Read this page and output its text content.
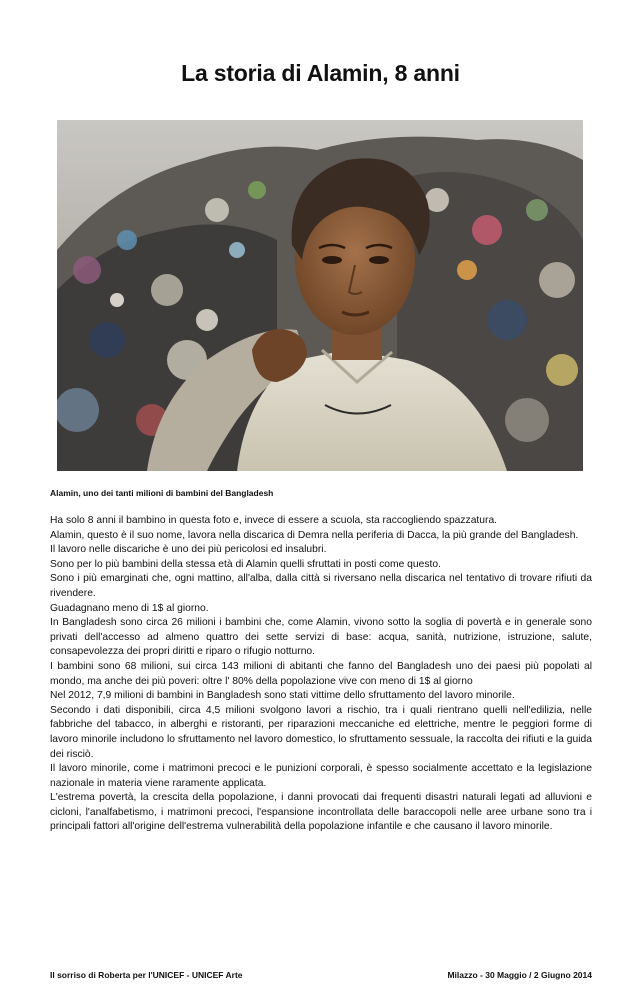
La storia di Alamin, 8 anni
Alamin, uno dei tanti milioni di bambini del Bangladesh

Ha solo 8 anni il bambino in questa foto e, invece di essere a scuola, sta raccogliendo spazzatura.

Alamin, questo è il suo nome, lavora nella discarica di Demra nella periferia di Dacca, la più grande del Bangladesh.

Il lavoro nelle discariche è uno dei più pericolosi ed insalubri.

Sono per lo più bambini della stessa età di Alamin quelli sfruttati in posti come questo.

Sono i più emarginati che, ogni mattino, all'alba, dalla città si riversano nella discarica nel tentativo di trovare rifiuti da rivendere.

Guadagnano meno di 1$ al giorno.

In Bangladesh sono circa 26 milioni i bambini che, come Alamin, vivono sotto la soglia di povertà e in generale sono privati dell'accesso ad almeno quattro dei sette servizi di base: acqua, sanità, nutrizione, istruzione, salute, consapevolezza dei propri diritti e riparo o rifugio notturno.

I bambini sono 68 milioni, sui circa 143 milioni di abitanti che fanno del Bangladesh uno dei paesi più popolati al mondo, ma anche dei più poveri: oltre l' 80% della popolazione vive con meno di 1$ al giorno

Nel 2012, 7,9 milioni di bambini in Bangladesh sono stati vittime dello sfruttamento del lavoro minorile.

Secondo i dati disponibili, circa 4,5 milioni svolgono lavori a rischio, tra i quali rientrano quelli nell'edilizia, nelle fabbriche del tabacco, in alberghi e ristoranti, per riparazioni meccaniche ed elettriche, mentre le peggiori forme di lavoro minorile includono lo sfruttamento nel lavoro domestico, lo sfruttamento sessuale, la raccolta dei rifiuti e la guida dei risciò.

Il lavoro minorile, come i matrimoni precoci e le punizioni corporali, è spesso socialmente accettato e la legislazione nazionale in materia viene raramente applicata.

L'estrema povertà, la crescita della popolazione, i danni provocati dai frequenti disastri naturali legati ad alluvioni e cicloni, l'analfabetismo, i matrimoni precoci, l'espansione incontrollata delle baraccopoli nelle aree urbane sono tra i principali fattori all'origine dell'estrema vulnerabilità della popolazione infantile e che causano il lavoro minorile.

Il sorriso di Roberta per l'UNICEF - UNICEF Arte	Milazzo - 30 Maggio / 2 Giugno 2014
